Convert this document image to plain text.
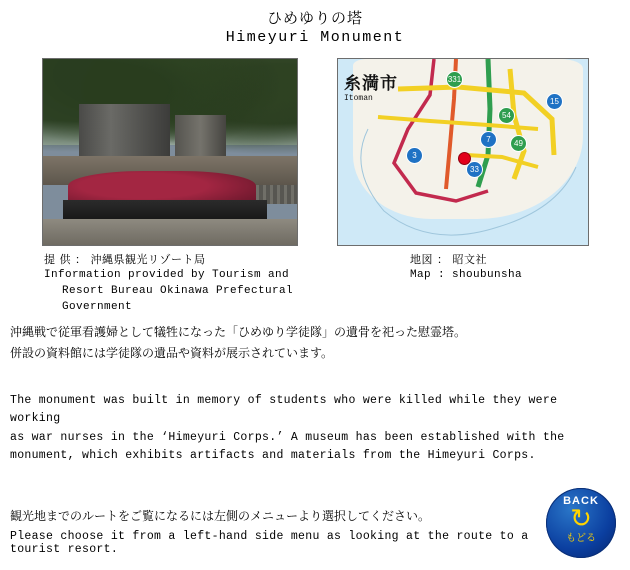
ひめゆりの塔
Himeyuri Monument
糸満市
Itoman
331
54
7	49
15
3
33
提 供 ： 沖縄県観光リゾート局
Information provided by Tourism and
Resort Bureau Okinawa Prefectural Government
地図 ： 昭文社
Map : shoubunsha
沖縄戦で従軍看護婦として犠牲になった「ひめゆり学徒隊」の遺骨を祀った慰霊塔。
併設の資料館には学徒隊の遺品や資料が展示されています。
The monument was built in memory of students who were killed while they were working
as war nurses in the ‘Himeyuri Corps.’ A museum has been established with the
monument, which exhibits artifacts and materials from the Himeyuri Corps.
観光地までのルートをご覧になるには左側のメニューより選択してください。
Please choose it from a left-hand side menu as looking at the route to a tourist resort.
BACK
↻
もどる
